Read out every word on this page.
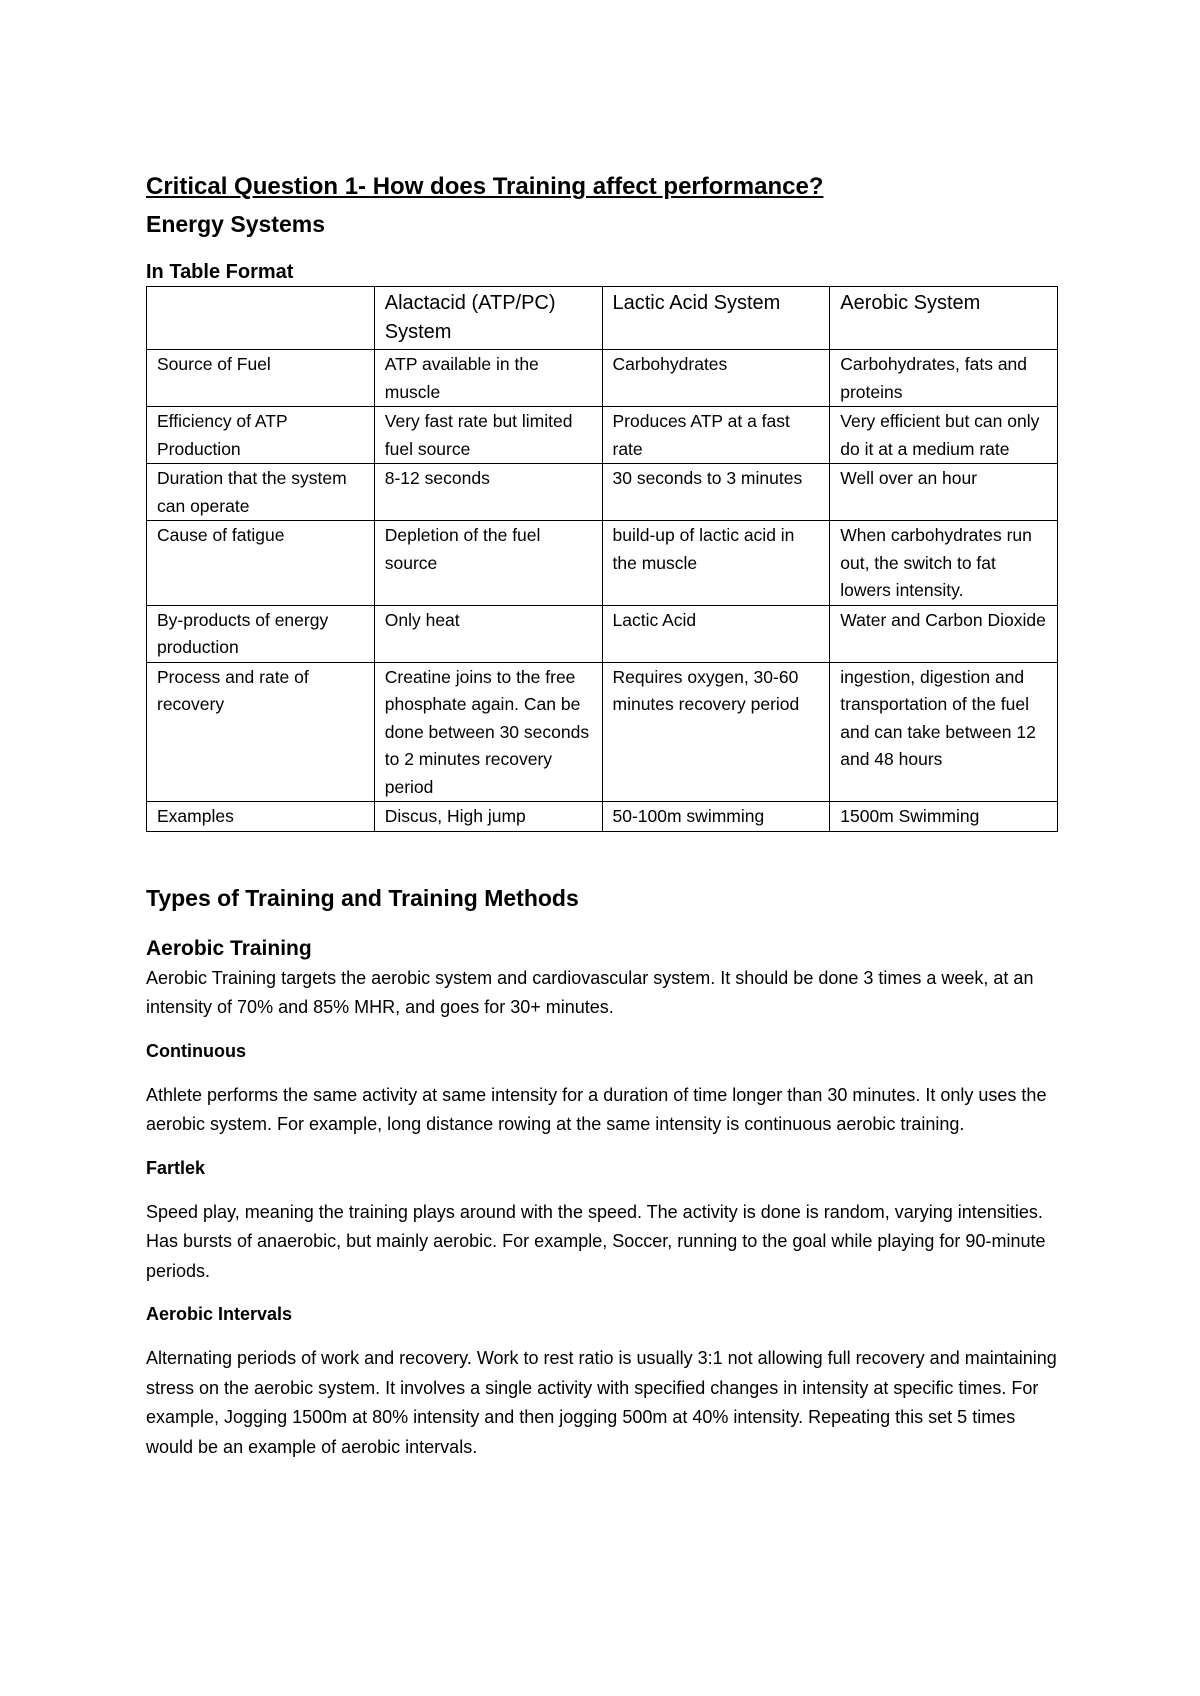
Critical Question 1- How does Training affect performance?
Energy Systems
In Table Format
	Alactacid (ATP/PC) System	Lactic Acid System	Aerobic System
Source of Fuel	ATP available in the muscle	Carbohydrates	Carbohydrates, fats and proteins
Efficiency of ATP Production	Very fast rate but limited fuel source	Produces ATP at a fast rate	Very efficient but can only do it at a medium rate
Duration that the system can operate	8-12 seconds	30 seconds to 3 minutes	Well over an hour
Cause of fatigue	Depletion of the fuel source	build-up of lactic acid in the muscle	When carbohydrates run out, the switch to fat lowers intensity.
By-products of energy production	Only heat	Lactic Acid	Water and Carbon Dioxide
Process and rate of recovery	Creatine joins to the free phosphate again. Can be done between 30 seconds to 2 minutes recovery period	Requires oxygen, 30-60 minutes recovery period	ingestion, digestion and transportation of the fuel and can take between 12 and 48 hours
Examples	Discus, High jump	50-100m swimming	1500m Swimming
Types of Training and Training Methods
Aerobic Training

Aerobic Training targets the aerobic system and cardiovascular system. It should be done 3 times a week, at an intensity of 70% and 85% MHR, and goes for 30+ minutes.

Continuous

Athlete performs the same activity at same intensity for a duration of time longer than 30 minutes. It only uses the aerobic system. For example, long distance rowing at the same intensity is continuous aerobic training.

Fartlek

Speed play, meaning the training plays around with the speed. The activity is done is random, varying intensities. Has bursts of anaerobic, but mainly aerobic. For example, Soccer, running to the goal while playing for 90-minute periods.

Aerobic Intervals

Alternating periods of work and recovery. Work to rest ratio is usually 3:1 not allowing full recovery and maintaining stress on the aerobic system. It involves a single activity with specified changes in intensity at specific times. For example, Jogging 1500m at 80% intensity and then jogging 500m at 40% intensity. Repeating this set 5 times would be an example of aerobic intervals.
